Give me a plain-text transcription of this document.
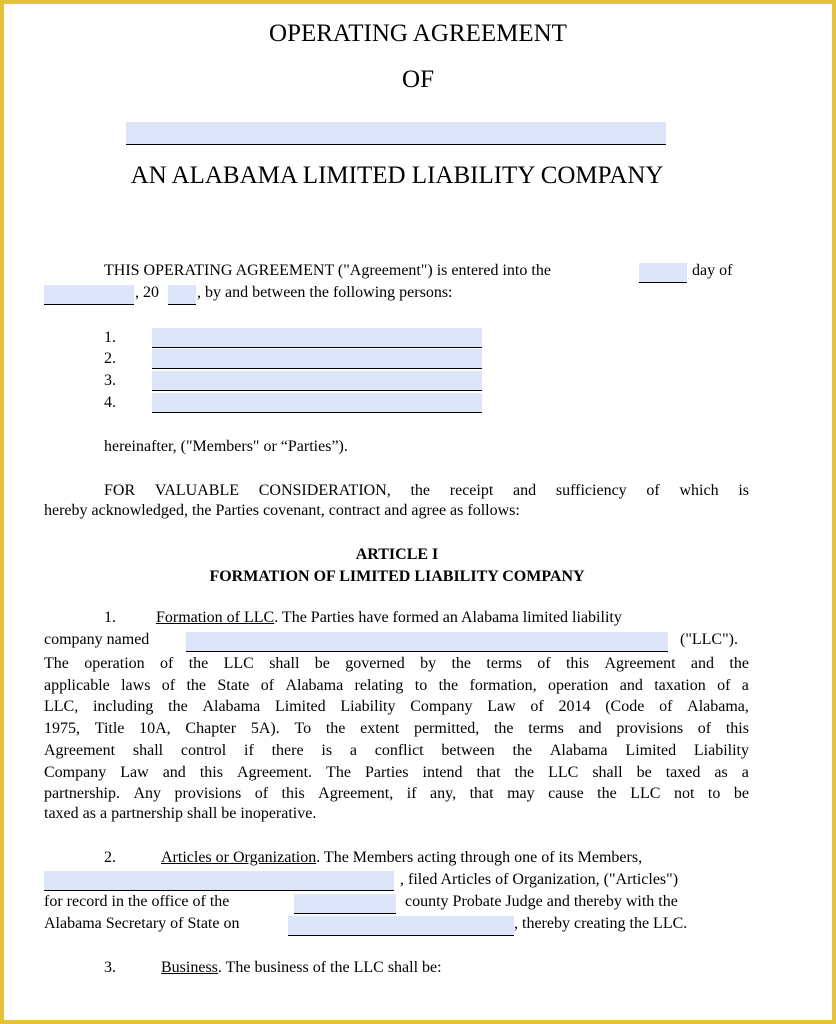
OPERATING AGREEMENT
OF
AN ALABAMA LIMITED LIABILITY COMPANY
THIS OPERATING AGREEMENT ("Agreement") is entered into the	day of
, 20 , by and between the following persons:
1.
2.
3.
4.
hereinafter, ("Members" or “Parties”).
FOR VALUABLE CONSIDERATION, the receipt and sufficiency of which is
hereby acknowledged, the Parties covenant, contract and agree as follows:
ARTICLE I
FORMATION OF LIMITED LIABILITY COMPANY
1.	Formation of LLC. The Parties have formed an Alabama limited liability
company named	("LLC").
The operation of the LLC shall be governed by the terms of this Agreement and the
applicable laws of the State of Alabama relating to the formation, operation and taxation of a
LLC, including the Alabama Limited Liability Company Law of 2014 (Code of Alabama,
1975, Title 10A, Chapter 5A). To the extent permitted, the terms and provisions of this
Agreement shall control if there is a conflict between the Alabama Limited Liability
Company Law and this Agreement. The Parties intend that the LLC shall be taxed as a
partnership. Any provisions of this Agreement, if any, that may cause the LLC not to be
taxed as a partnership shall be inoperative.
2.	Articles or Organization. The Members acting through one of its Members,
, filed Articles of Organization, ("Articles")
for record in the office of the	county Probate Judge and thereby with the
Alabama Secretary of State on	, thereby creating the LLC.
3.	Business. The business of the LLC shall be:
